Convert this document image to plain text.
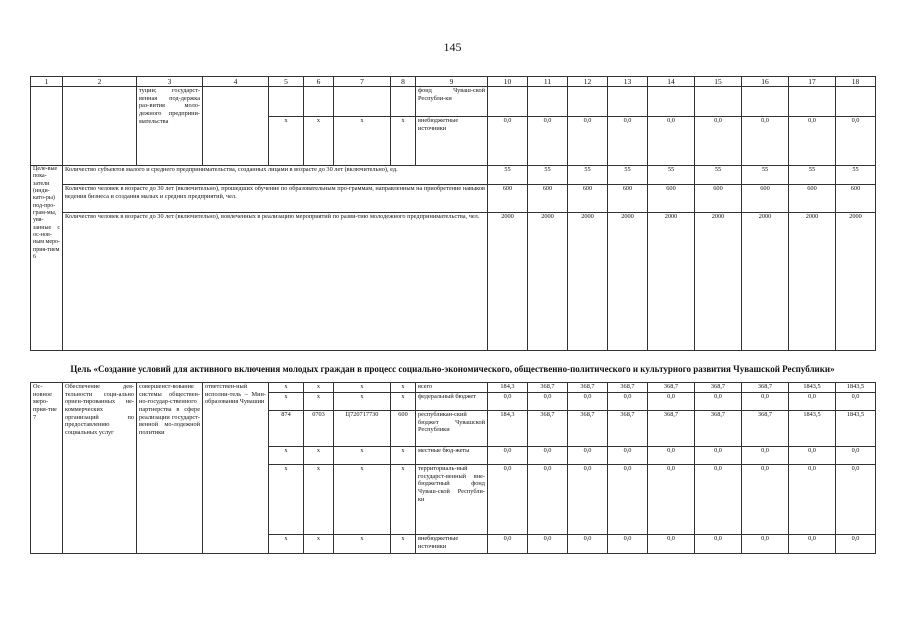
145
1	2	3	4	5	6	7	8	9	10	11	12	13	14	15	16	17	18
		туции; государст-венная под-держка раз-вития моло-дежного предприни-мательства						фонд Чуваш-ской Республи-ки									
				x	x	x	x	внебюджетные источники	0,0	0,0	0,0	0,0	0,0	0,0	0,0	0,0	0,0
Целе-вые пока-затели (инди-като-ры) под-про-грам-мы, увя-занные с ос-нов-ным меро-прия-тием 6	Количество субъектов малого и среднего предпринимательства, созданных лицами в возрасте до 30 лет (включительно), ед.								55	55	55	55	55	55	55	55	55
	Количество человек в возрасте до 30 лет (включительно), прошедших обучение по образовательным про-граммам, направленным на приобретение навыков ведения бизнеса и создания малых и средних предприятий, чел.								600	600	600	600	600	600	600	600	600
	Количество человек в возрасте до 30 лет (включительно), вовлеченных в реализацию мероприятий по разви-тию молодежного предпринимательства, чел.								2000	2000	2000	2000	2000	2000	2000	2000	2000
Цель «Создание условий для активного включения молодых граждан в процесс социально-экономического, общественно-политического и культурного развития Чувашской Республики»
Ос-новное меро-прия-тие 7	Обеспечение дея-тельности соци-ально ориен-тированных не-коммерческих организаций по предоставлению социальных услуг	совершенст-вование системы обществен-но-государ-ственного партнерства в сфере реализации государст-венной мо-лодежной политики	ответствен-ный исполни-тель – Мин-образования Чувашии	x	x	x	x	всего	184,3	368,7	368,7	368,7	368,7	368,7	368,7	1843,5	1843,5
				x	x	x	x	федеральный бюджет	0,0	0,0	0,0	0,0	0,0	0,0	0,0	0,0	0,0
				874	0703	Ц720717730	600	республикан-ский бюджет Чувашской Республики	184,3	368,7	368,7	368,7	368,7	368,7	368,7	1843,5	1843,5
				x	x	x	x	местные бюд-жеты	0,0	0,0	0,0	0,0	0,0	0,0	0,0	0,0	0,0
				x	x	x	x	территориаль-ный государст-венный вне-бюджетный фонд Чуваш-ской Республи-ки	0,0	0,0	0,0	0,0	0,0	0,0	0,0	0,0	0,0
				x	x	x	x	внебюджетные источники	0,0	0,0	0,0	0,0	0,0	0,0	0,0	0,0	0,0
